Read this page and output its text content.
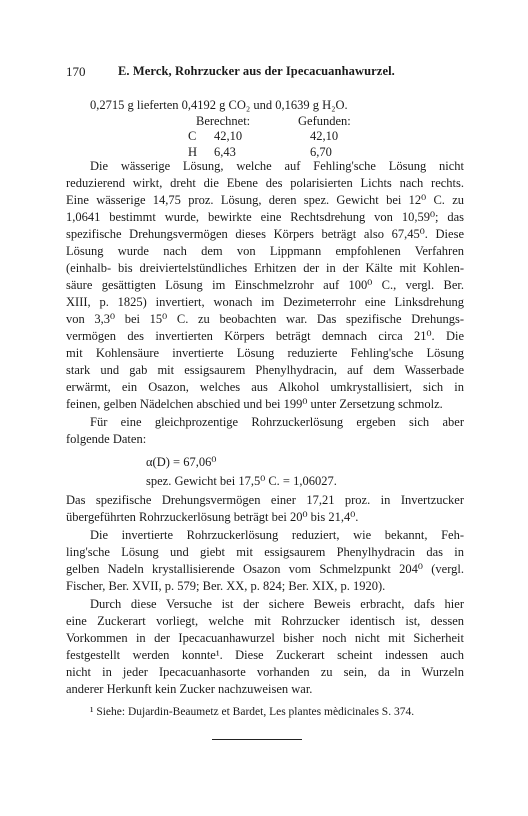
170	E. Merck, Rohrzucker aus der Ipecacuanhawurzel.
0,2715 g lieferten 0,4192 g CO₂ und 0,1639 g H₂O.
Berechnet:	Gefunden:
C 42,10	42,10
H 6,43	6,70
Die wässerige Lösung, welche auf Fehling'sche Lösung nicht
reduzierend wirkt, dreht die Ebene des polarisierten Lichts nach rechts.
Eine wässerige 14,75 proz. Lösung, deren spez. Gewicht bei 12⁰ C. zu
1,0641 bestimmt wurde, bewirkte eine Rechtsdrehung von 10,59⁰; das
spezifische Drehungsvermögen dieses Körpers beträgt also 67,45⁰. Diese
Lösung wurde nach dem von Lippmann empfohlenen Verfahren
(einhalb- bis dreiviertelstündliches Erhitzen der in der Kälte mit Kohlen-
säure gesättigten Lösung im Einschmelzrohr auf 100⁰ C., vergl. Ber.
XIII, p. 1825) invertiert, wonach im Dezimeterrohr eine Linksdrehung
von 3,3⁰ bei 15⁰ C. zu beobachten war. Das spezifische Drehungs-
vermögen des invertierten Körpers beträgt demnach circa 21⁰. Die
mit Kohlensäure invertierte Lösung reduzierte Fehling'sche Lösung
stark und gab mit essigsaurem Phenylhydracin, auf dem Wasserbade
erwärmt, ein Osazon, welches aus Alkohol umkrystallisiert, sich in
feinen, gelben Nädelchen abschied und bei 199⁰ unter Zersetzung schmolz.
Für eine gleichprozentige Rohrzuckerlösung ergeben sich aber
folgende Daten:
α(D) = 67,06⁰
spez. Gewicht bei 17,5⁰ C. = 1,06027.
Das spezifische Drehungsvermögen einer 17,21 proz. in Invertzucker
übergeführten Rohrzuckerlösung beträgt bei 20⁰ bis 21,4⁰.
Die invertierte Rohrzuckerlösung reduziert, wie bekannt, Feh-
ling'sche Lösung und giebt mit essigsaurem Phenylhydracin das in
gelben Nadeln krystallisierende Osazon vom Schmelzpunkt 204⁰ (vergl.
Fischer, Ber. XVII, p. 579; Ber. XX, p. 824; Ber. XIX, p. 1920).
Durch diese Versuche ist der sichere Beweis erbracht, dafs hier
eine Zuckerart vorliegt, welche mit Rohrzucker identisch ist, dessen
Vorkommen in der Ipecacuanhawurzel bisher noch nicht mit Sicherheit
festgestellt werden konnte¹. Diese Zuckerart scheint indessen auch
nicht in jeder Ipecacuanhasorte vorhanden zu sein, da in Wurzeln
anderer Herkunft kein Zucker nachzuweisen war.
¹ Siehe: Dujardin-Beaumetz et Bardet, Les plantes mèdicinales S. 374.
